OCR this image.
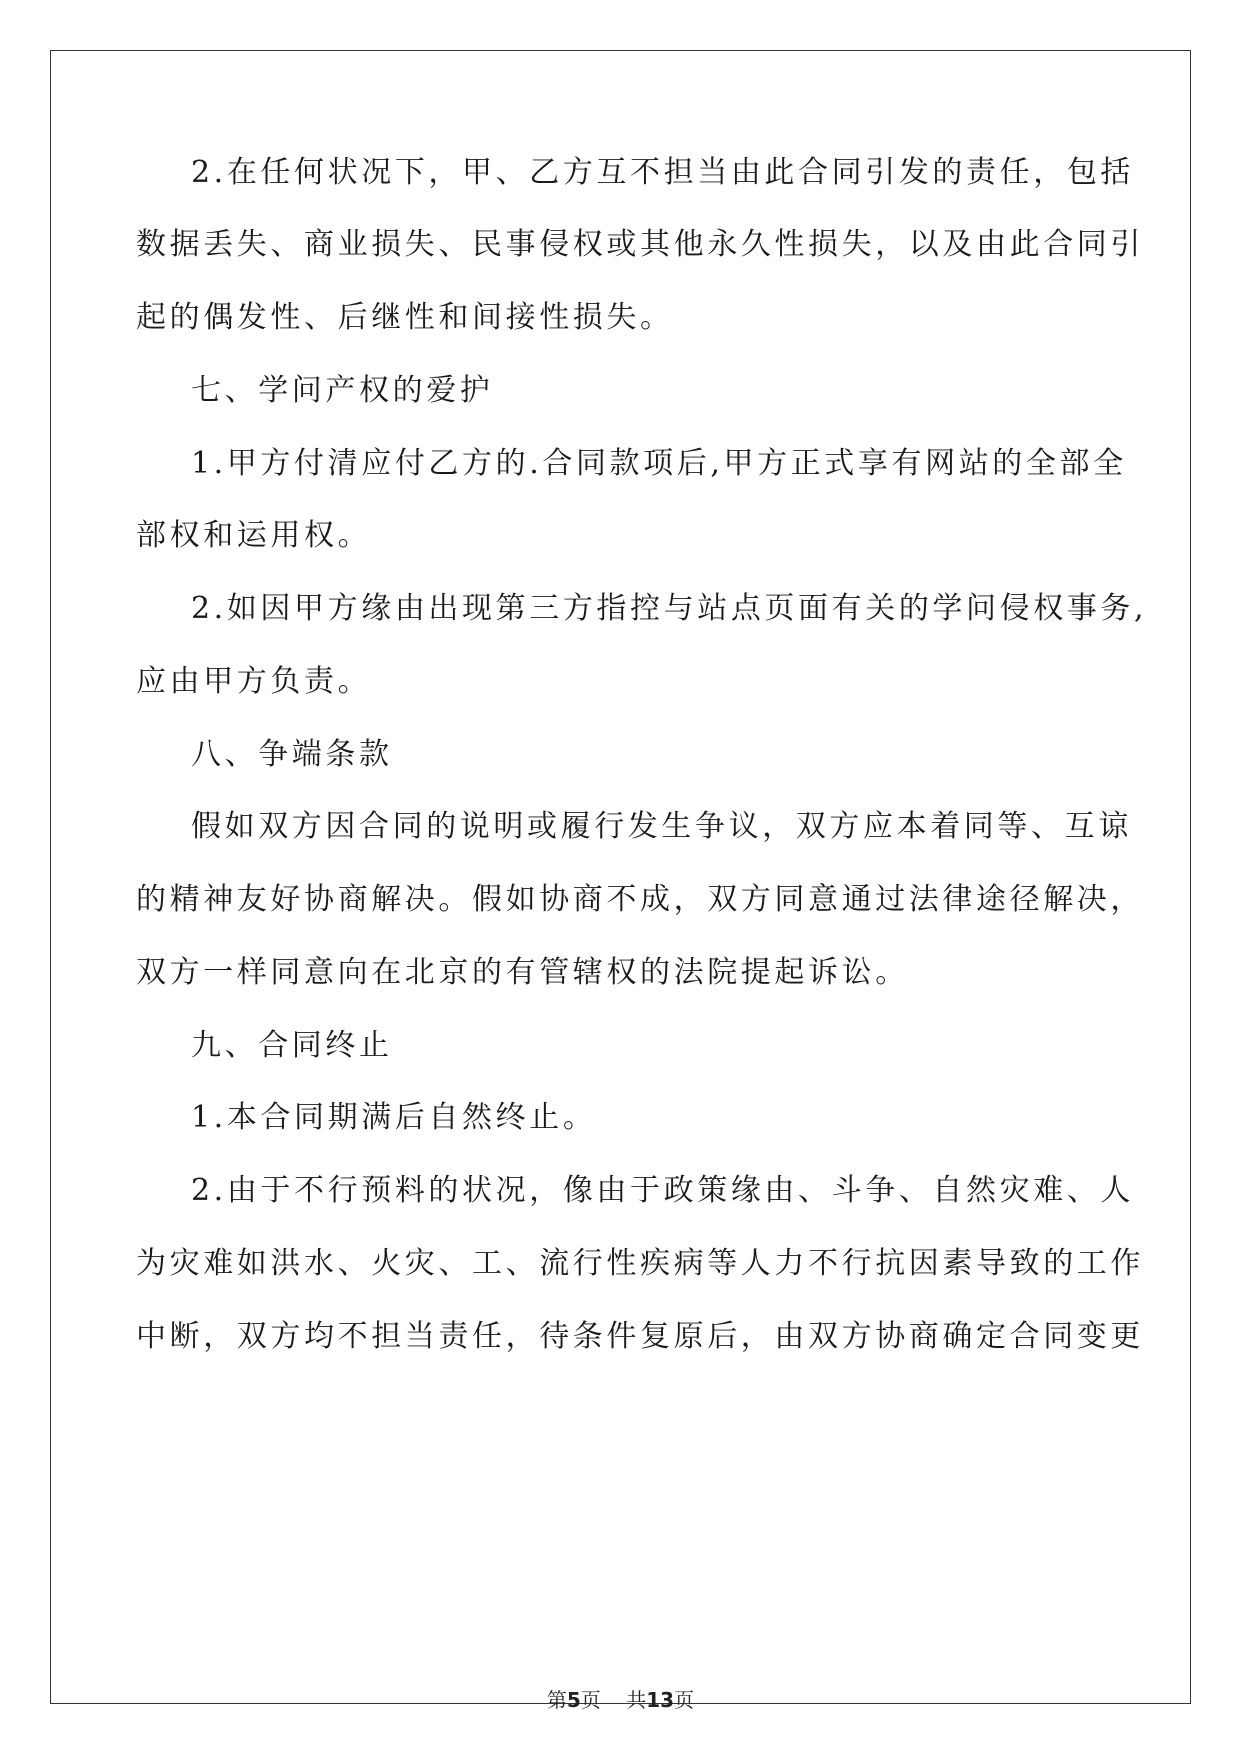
2.在任何状况下，甲、乙方互不担当由此合同引发的责任，包括

数据丢失、商业损失、民事侵权或其他永久性损失，以及由此合同引

起的偶发性、后继性和间接性损失。

七、学问产权的爱护

1.甲方付清应付乙方的.合同款项后,甲方正式享有网站的全部全

部权和运用权。

2.如因甲方缘由出现第三方指控与站点页面有关的学问侵权事务,

应由甲方负责。

八、争端条款

假如双方因合同的说明或履行发生争议，双方应本着同等、互谅

的精神友好协商解决。假如协商不成，双方同意通过法律途径解决，

双方一样同意向在北京的有管辖权的法院提起诉讼。

九、合同终止

1.本合同期满后自然终止。

2.由于不行预料的状况，像由于政策缘由、斗争、自然灾难、人

为灾难如洪水、火灾、工、流行性疾病等人力不行抗因素导致的工作

中断，双方均不担当责任，待条件复原后，由双方协商确定合同变更

第5页 共13页
